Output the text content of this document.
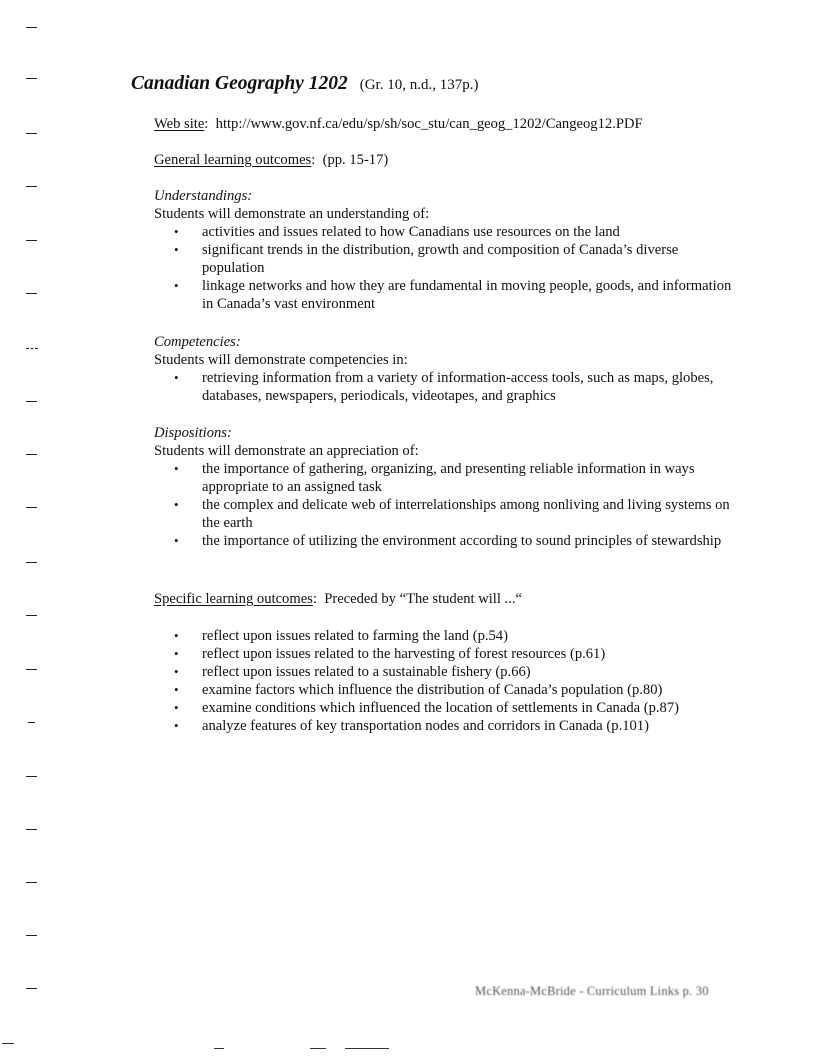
Canadian Geography 1202 (Gr. 10, n.d., 137p.)
Web site:  http://www.gov.nf.ca/edu/sp/sh/soc_stu/can_geog_1202/Cangeog12.PDF
General learning outcomes:  (pp. 15-17)
Understandings:
Students will demonstrate an understanding of:
• activities and issues related to how Canadians use resources on the land
• significant trends in the distribution, growth and composition of Canada’s diverse population
• linkage networks and how they are fundamental in moving people, goods, and information in Canada’s vast environment
Competencies:
Students will demonstrate competencies in:
• retrieving information from a variety of information-access tools, such as maps, globes, databases, newspapers, periodicals, videotapes, and graphics
Dispositions:
Students will demonstrate an appreciation of:
• the importance of gathering, organizing, and presenting reliable information in ways appropriate to an assigned task
• the complex and delicate web of interrelationships among nonliving and living systems on the earth
• the importance of utilizing the environment according to sound principles of stewardship
Specific learning outcomes:  Preceded by “The student will ...“
• reflect upon issues related to farming the land (p.54)
• reflect upon issues related to the harvesting of forest resources (p.61)
• reflect upon issues related to a sustainable fishery (p.66)
• examine factors which influence the distribution of Canada’s population (p.80)
• examine conditions which influenced the location of settlements in Canada (p.87)
• analyze features of key transportation nodes and corridors in Canada (p.101)
McKenna-McBride - Curriculum Links p. 30
